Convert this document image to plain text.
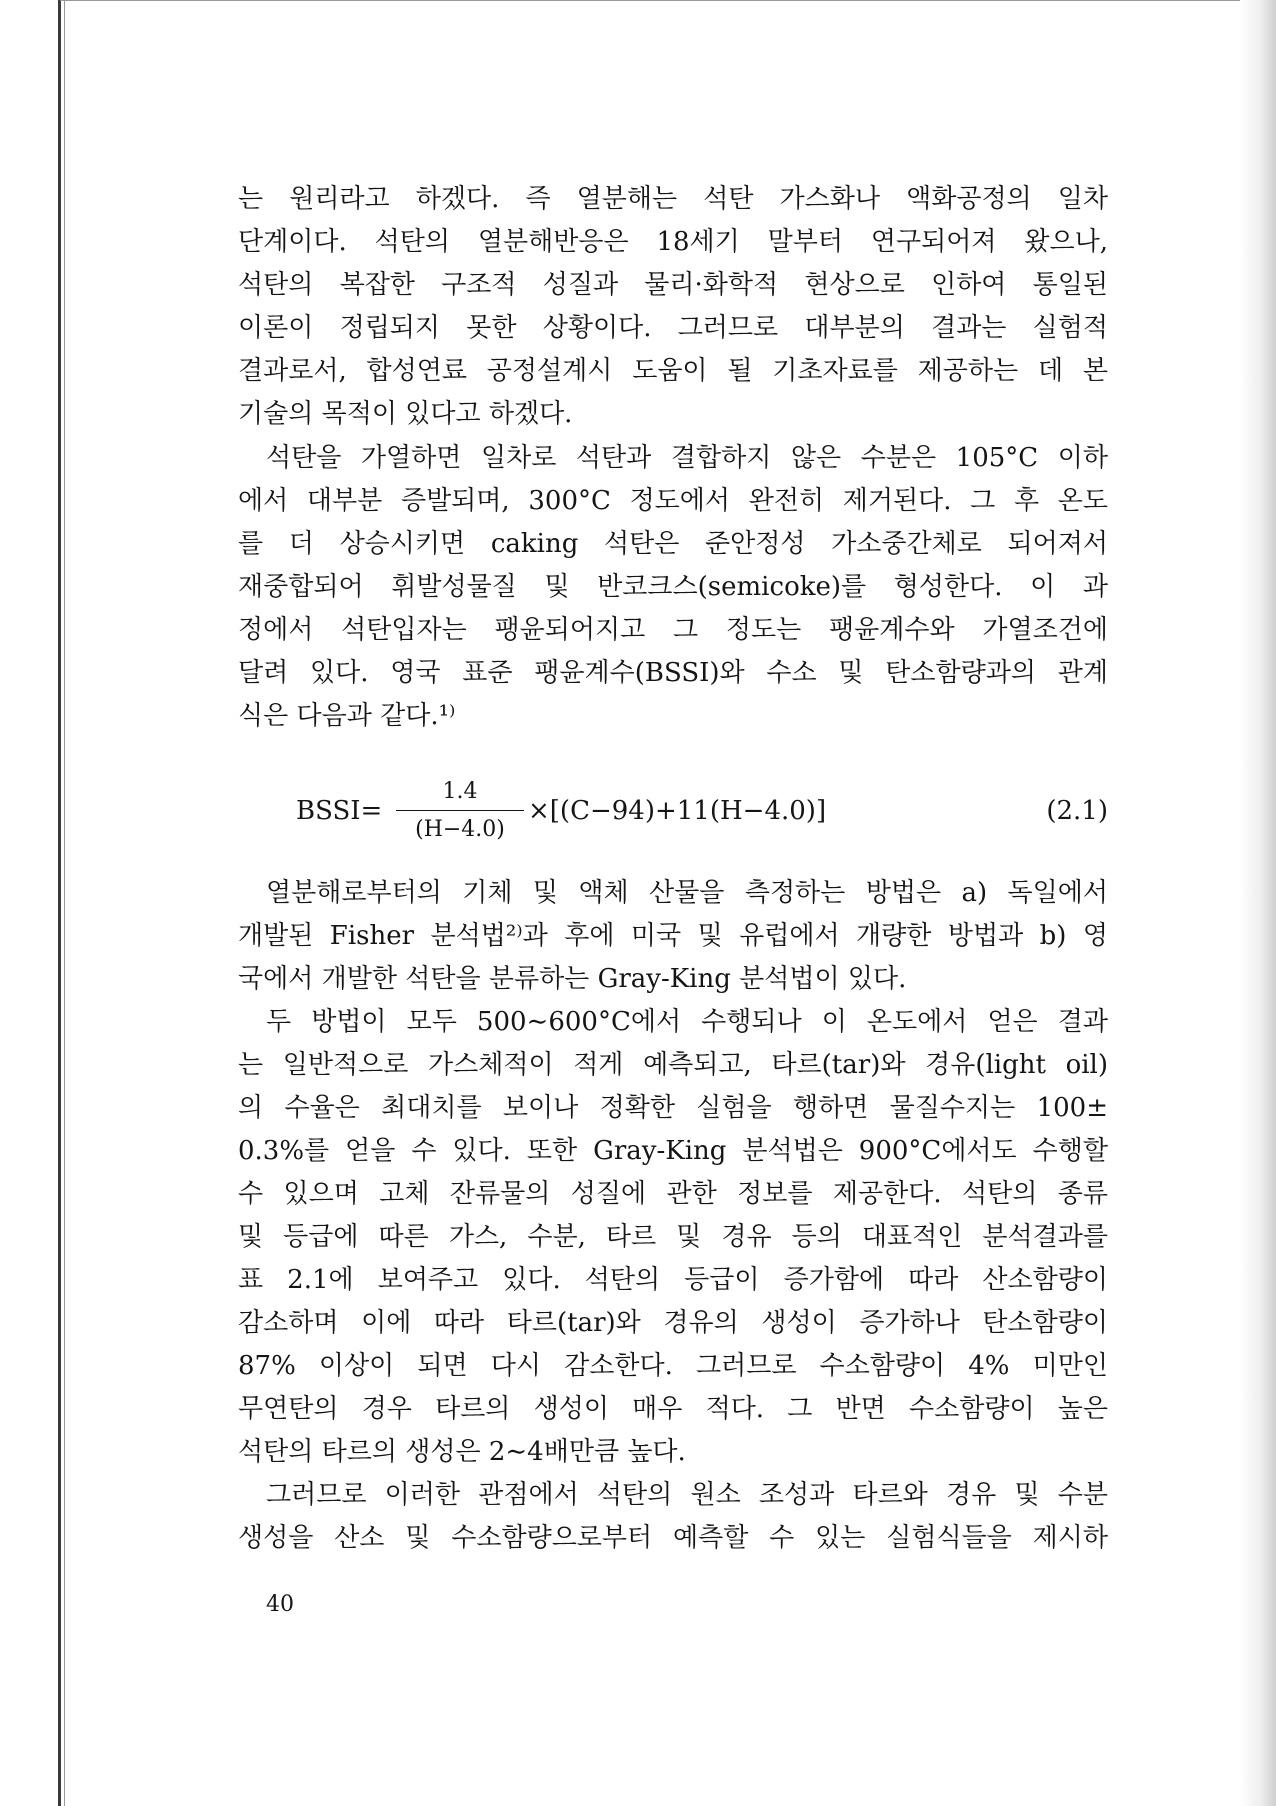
는 원리라고 하겠다. 즉 열분해는 석탄 가스화나 액화공정의 일차
단계이다. 석탄의 열분해반응은 18세기 말부터 연구되어져 왔으나,
석탄의 복잡한 구조적 성질과 물리·화학적 현상으로 인하여 통일된
이론이 정립되지 못한 상황이다. 그러므로 대부분의 결과는 실험적
결과로서, 합성연료 공정설계시 도움이 될 기초자료를 제공하는 데 본
기술의 목적이 있다고 하겠다.
석탄을 가열하면 일차로 석탄과 결합하지 않은 수분은 105°C 이하
에서 대부분 증발되며, 300°C 정도에서 완전히 제거된다. 그 후 온도
를 더 상승시키면 caking 석탄은 준안정성 가소중간체로 되어져서
재중합되어 휘발성물질 및 반코크스(semicoke)를 형성한다. 이 과
정에서 석탄입자는 팽윤되어지고 그 정도는 팽윤계수와 가열조건에
달려 있다. 영국 표준 팽윤계수(BSSI)와 수소 및 탄소함량과의 관계
식은 다음과 같다.¹⁾
BSSI=
1.4
(H−4.0)
×[(C−94)+11(H−4.0)]	(2.1)
열분해로부터의 기체 및 액체 산물을 측정하는 방법은 a) 독일에서
개발된 Fisher 분석법²⁾과 후에 미국 및 유럽에서 개량한 방법과 b) 영
국에서 개발한 석탄을 분류하는 Gray-King 분석법이 있다.
두 방법이 모두 500∼600°C에서 수행되나 이 온도에서 얻은 결과
는 일반적으로 가스체적이 적게 예측되고, 타르(tar)와 경유(light oil)
의 수율은 최대치를 보이나 정확한 실험을 행하면 물질수지는 100±
0.3%를 얻을 수 있다. 또한 Gray-King 분석법은 900°C에서도 수행할
수 있으며 고체 잔류물의 성질에 관한 정보를 제공한다. 석탄의 종류
및 등급에 따른 가스, 수분, 타르 및 경유 등의 대표적인 분석결과를
표 2.1에 보여주고 있다. 석탄의 등급이 증가함에 따라 산소함량이
감소하며 이에 따라 타르(tar)와 경유의 생성이 증가하나 탄소함량이
87% 이상이 되면 다시 감소한다. 그러므로 수소함량이 4% 미만인
무연탄의 경우 타르의 생성이 매우 적다. 그 반면 수소함량이 높은
석탄의 타르의 생성은 2∼4배만큼 높다.
그러므로 이러한 관점에서 석탄의 원소 조성과 타르와 경유 및 수분
생성을 산소 및 수소함량으로부터 예측할 수 있는 실험식들을 제시하
40
